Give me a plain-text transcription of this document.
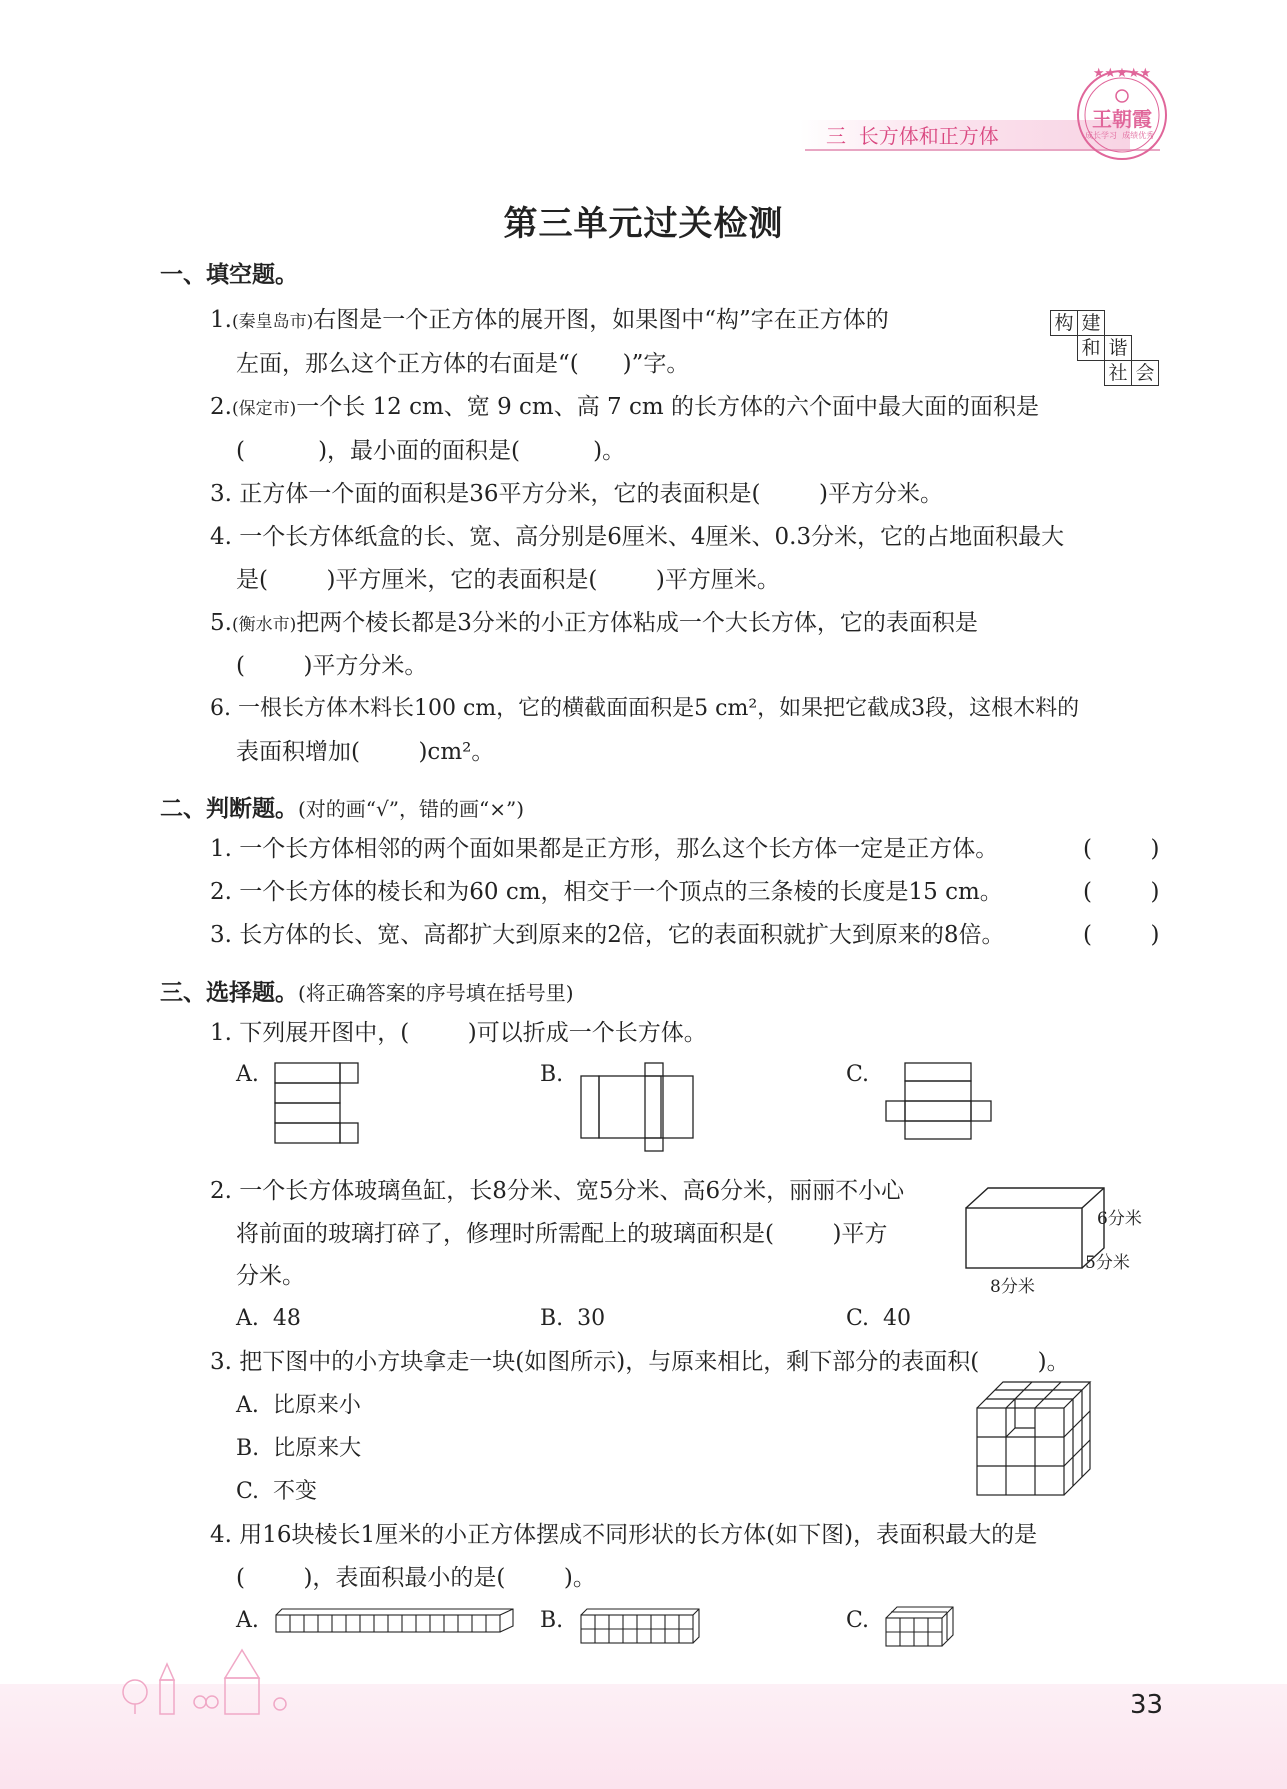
三  长方体和正方体
★★★★★
王朝霞
成长学习  成绩优秀
第三单元过关检测
一、填空题。
1.(秦皇岛市)右图是一个正方体的展开图，如果图中“构”字在正方体的
左面，那么这个正方体的右面是“(      )”字。
构 建
和 谐
社 会
2.(保定市)一个长 12 cm、宽 9 cm、高 7 cm 的长方体的六个面中最大面的面积是
(          )，最小面的面积是(          )。
3. 正方体一个面的面积是36平方分米，它的表面积是(        )平方分米。
4. 一个长方体纸盒的长、宽、高分别是6厘米、4厘米、0.3分米，它的占地面积最大
是(        )平方厘米，它的表面积是(        )平方厘米。
5.(衡水市)把两个棱长都是3分米的小正方体粘成一个大长方体，它的表面积是
(        )平方分米。
6. 一根长方体木料长100 cm，它的横截面面积是5 cm²，如果把它截成3段，这根木料的
表面积增加(        )cm²。
二、判断题。(对的画“√”，错的画“×”)
1. 一个长方体相邻的两个面如果都是正方形，那么这个长方体一定是正方体。	(        )
2. 一个长方体的棱长和为60 cm，相交于一个顶点的三条棱的长度是15 cm。	(        )
3. 长方体的长、宽、高都扩大到原来的2倍，它的表面积就扩大到原来的8倍。	(        )
三、选择题。(将正确答案的序号填在括号里)
1. 下列展开图中，(        )可以折成一个长方体。
A.	B.	C.
2. 一个长方体玻璃鱼缸，长8分米、宽5分米、高6分米，丽丽不小心
将前面的玻璃打碎了，修理时所需配上的玻璃面积是(        )平方
分米。
6分米
5分米
8分米
A.  48	B.  30	C.  40
3. 把下图中的小方块拿走一块(如图所示)，与原来相比，剩下部分的表面积(        )。
A.  比原来小
B.  比原来大
C.  不变
4. 用16块棱长1厘米的小正方体摆成不同形状的长方体(如下图)，表面积最大的是
(        )，表面积最小的是(        )。
A.	B.	C.
33
